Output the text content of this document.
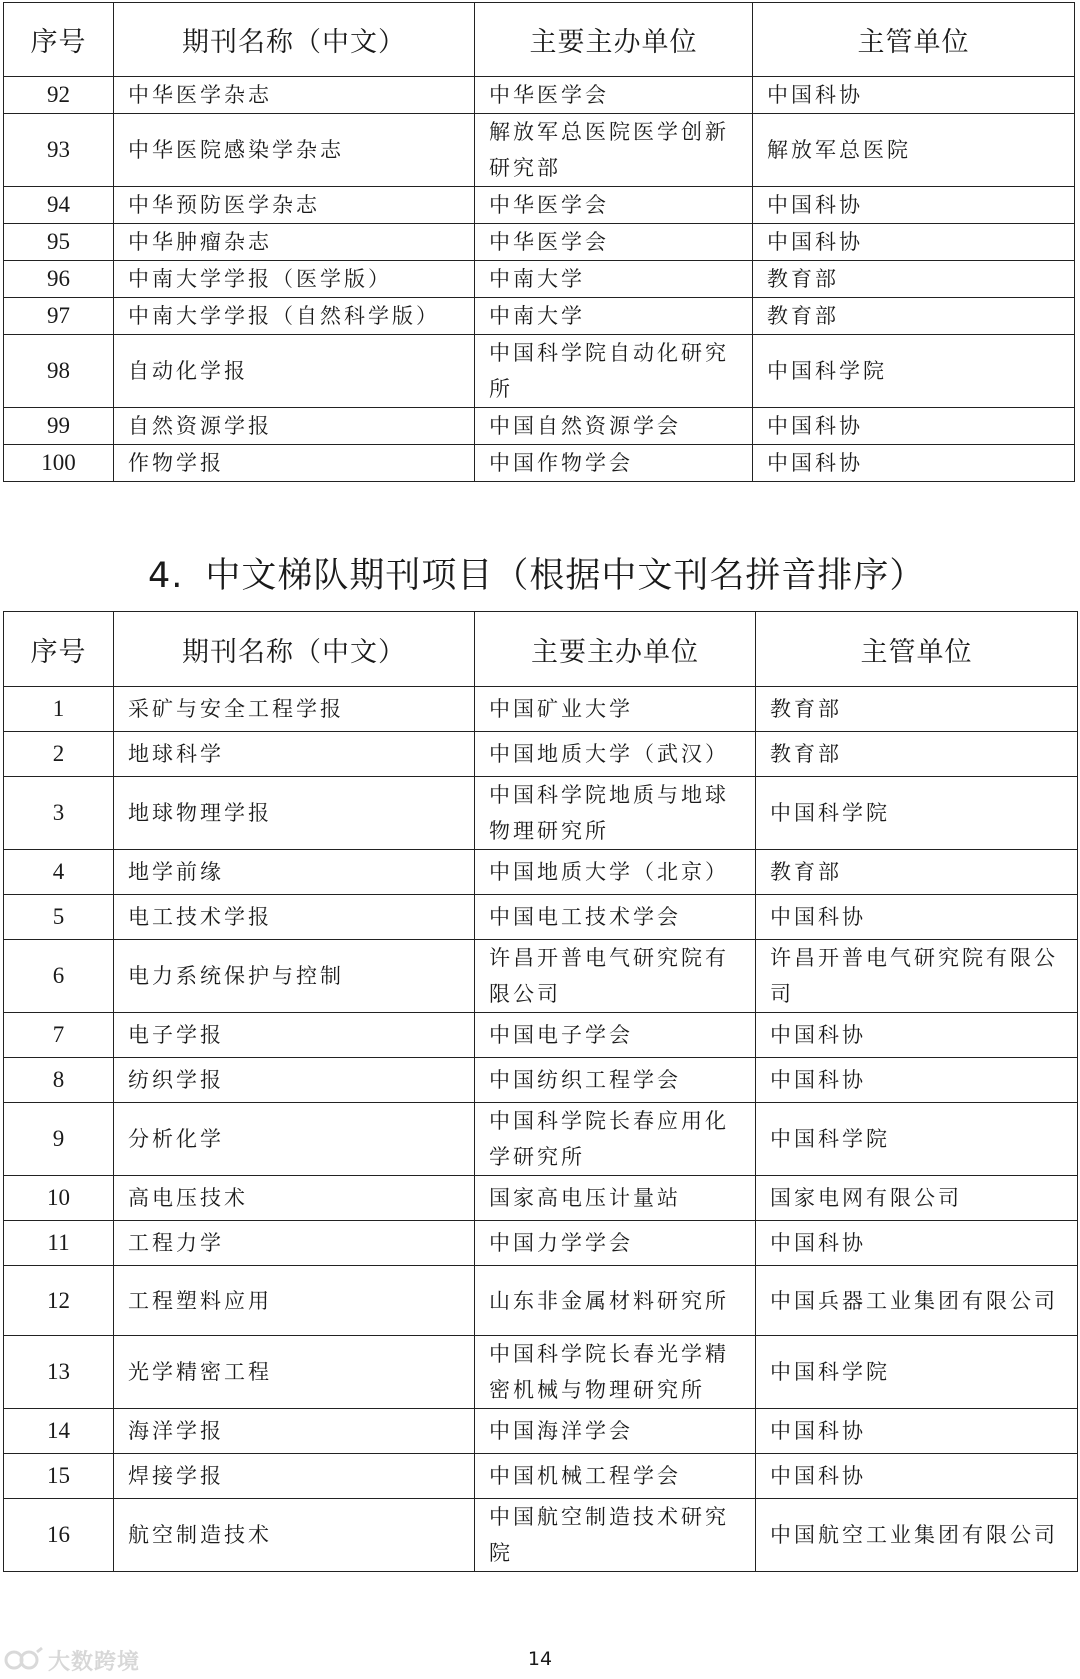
序号	期刊名称（中文）	主要主办单位	主管单位
92	中华医学杂志	中华医学会	中国科协
93	中华医院感染学杂志	解放军总医院医学创新研究部	解放军总医院
94	中华预防医学杂志	中华医学会	中国科协
95	中华肿瘤杂志	中华医学会	中国科协
96	中南大学学报（医学版）	中南大学	教育部
97	中南大学学报（自然科学版）	中南大学	教育部
98	自动化学报	中国科学院自动化研究所	中国科学院
99	自然资源学报	中国自然资源学会	中国科协
100	作物学报	中国作物学会	中国科协
4. 中文梯队期刊项目（根据中文刊名拼音排序）
序号	期刊名称（中文）	主要主办单位	主管单位
1	采矿与安全工程学报	中国矿业大学	教育部
2	地球科学	中国地质大学（武汉）	教育部
3	地球物理学报	中国科学院地质与地球物理研究所	中国科学院
4	地学前缘	中国地质大学（北京）	教育部
5	电工技术学报	中国电工技术学会	中国科协
6	电力系统保护与控制	许昌开普电气研究院有限公司	许昌开普电气研究院有限公司
7	电子学报	中国电子学会	中国科协
8	纺织学报	中国纺织工程学会	中国科协
9	分析化学	中国科学院长春应用化学研究所	中国科学院
10	高电压技术	国家高电压计量站	国家电网有限公司
11	工程力学	中国力学学会	中国科协
12	工程塑料应用	山东非金属材料研究所	中国兵器工业集团有限公司
13	光学精密工程	中国科学院长春光学精密机械与物理研究所	中国科学院
14	海洋学报	中国海洋学会	中国科协
15	焊接学报	中国机械工程学会	中国科协
16	航空制造技术	中国航空制造技术研究院	中国航空工业集团有限公司
大数跨境	14
